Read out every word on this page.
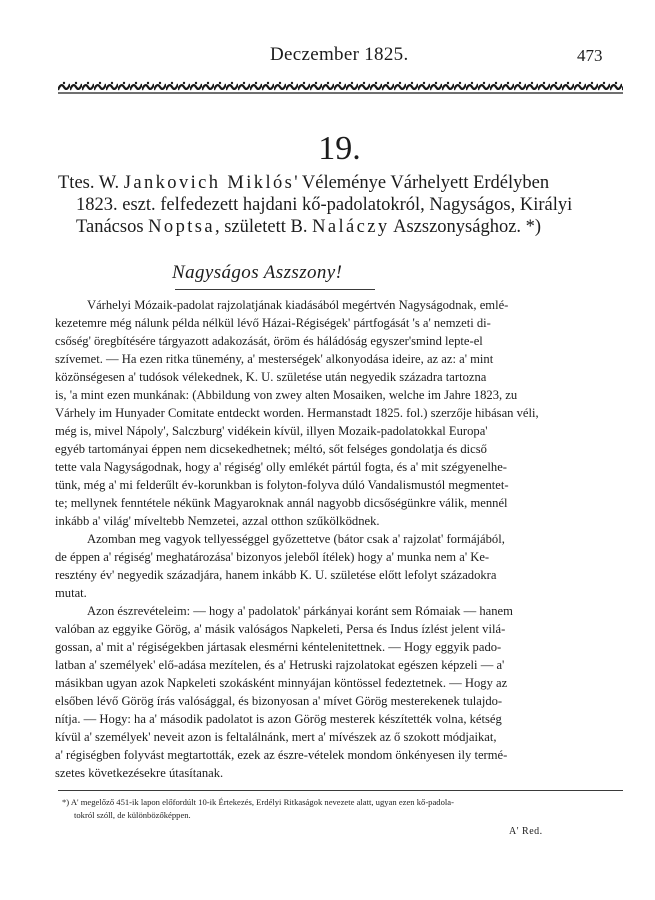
Deczember 1825.	473
19.
Ttes. W. Jankovich Miklós' Véleménye Várhelyett Erdélyben
1823. eszt. felfedezett hajdani kő-padolatokról, Nagyságos, Királyi
Tanácsos Noptsa, született B. Naláczy Aszszonysághoz. *)
Nagyságos Aszszony!
Várhelyi Mózaik-padolat rajzolatjának kiadásából megértvén Nagyságodnak, emlé-
kezetemre még nálunk példa nélkül lévő Házai-Régiségek' pártfogását 's a' nemzeti di-
csőség' öregbítésére tárgyazott adakozását, öröm és háládóság egyszer'smind lepte-el
szívemet. — Ha ezen ritka tünemény, a' mesterségek' alkonyodása ideire, az az: a' mint
közönségesen a' tudósok vélekednek, K. U. születése után negyedik századra tartozna
is, 'a mint ezen munkának: (Abbildung von zwey alten Mosaiken, welche im Jahre 1823, zu
Várhely im Hunyader Comitate entdeckt worden. Hermanstadt 1825. fol.) szerzője hibásan véli,
még is, mivel Nápoly', Salczburg' vidékein kívül, illyen Mozaik-padolatokkal Europa'
egyéb tartományai éppen nem dicsekedhetnek; méltó, sőt felséges gondolatja és dicső
tette vala Nagyságodnak, hogy a' régiség' olly emlékét pártúl fogta, és a' mit szégyenelhe-
tünk, még a' mi felderűlt év-korunkban is folyton-folyva dúló Vandalismustól megmentet-
te; mellynek fenntétele nékünk Magyaroknak annál nagyobb dicsőségünkre válik, mennél
inkább a' világ' míveltebb Nemzetei, azzal otthon szűkölködnek.
Azomban meg vagyok tellyességgel győzettetve (bátor csak a' rajzolat' formájából,
de éppen a' régiség' meghatározása' bizonyos jeleből ítélek) hogy a' munka nem a' Ke-
resztény év' negyedik századjára, hanem inkább K. U. születése előtt lefolyt századokra
mutat.
Azon észrevételeim: — hogy a' padolatok' párkányai koránt sem Rómaiak — hanem
valóban az eggyike Görög, a' másik valóságos Napkeleti, Persa és Indus ízlést jelent vilá-
gossan, a' mit a' régiségekben jártasak elesmérni kéntelenitettnek. — Hogy eggyik pado-
latban a' személyek' elő-adása mezítelen, és a' Hetruski rajzolatokat egészen képzeli — a'
másikban ugyan azok Napkeleti szokásként minnyájan köntössel fedeztetnek. — Hogy az
elsőben lévő Görög írás valósággal, és bizonyosan a' mívet Görög mesterekenek tulajdo-
nítja. — Hogy: ha a' második padolatot is azon Görög mesterek készítették volna, kétség
kívül a' személyek' neveit azon is feltalálnánk, mert a' mívészek az ő szokott módjaikat,
a' régiségben folyvást megtartották, ezek az észre-vételek mondom önkényesen ily termé-
szetes következésekre útasítanak.
*) A' megelőző 451-ik lapon előfordúlt 10-ik Értekezés, Erdélyi Ritkaságok nevezete alatt, ugyan ezen kő-padola-
tokról szóll, de különbözőképpen.
A' Red.
